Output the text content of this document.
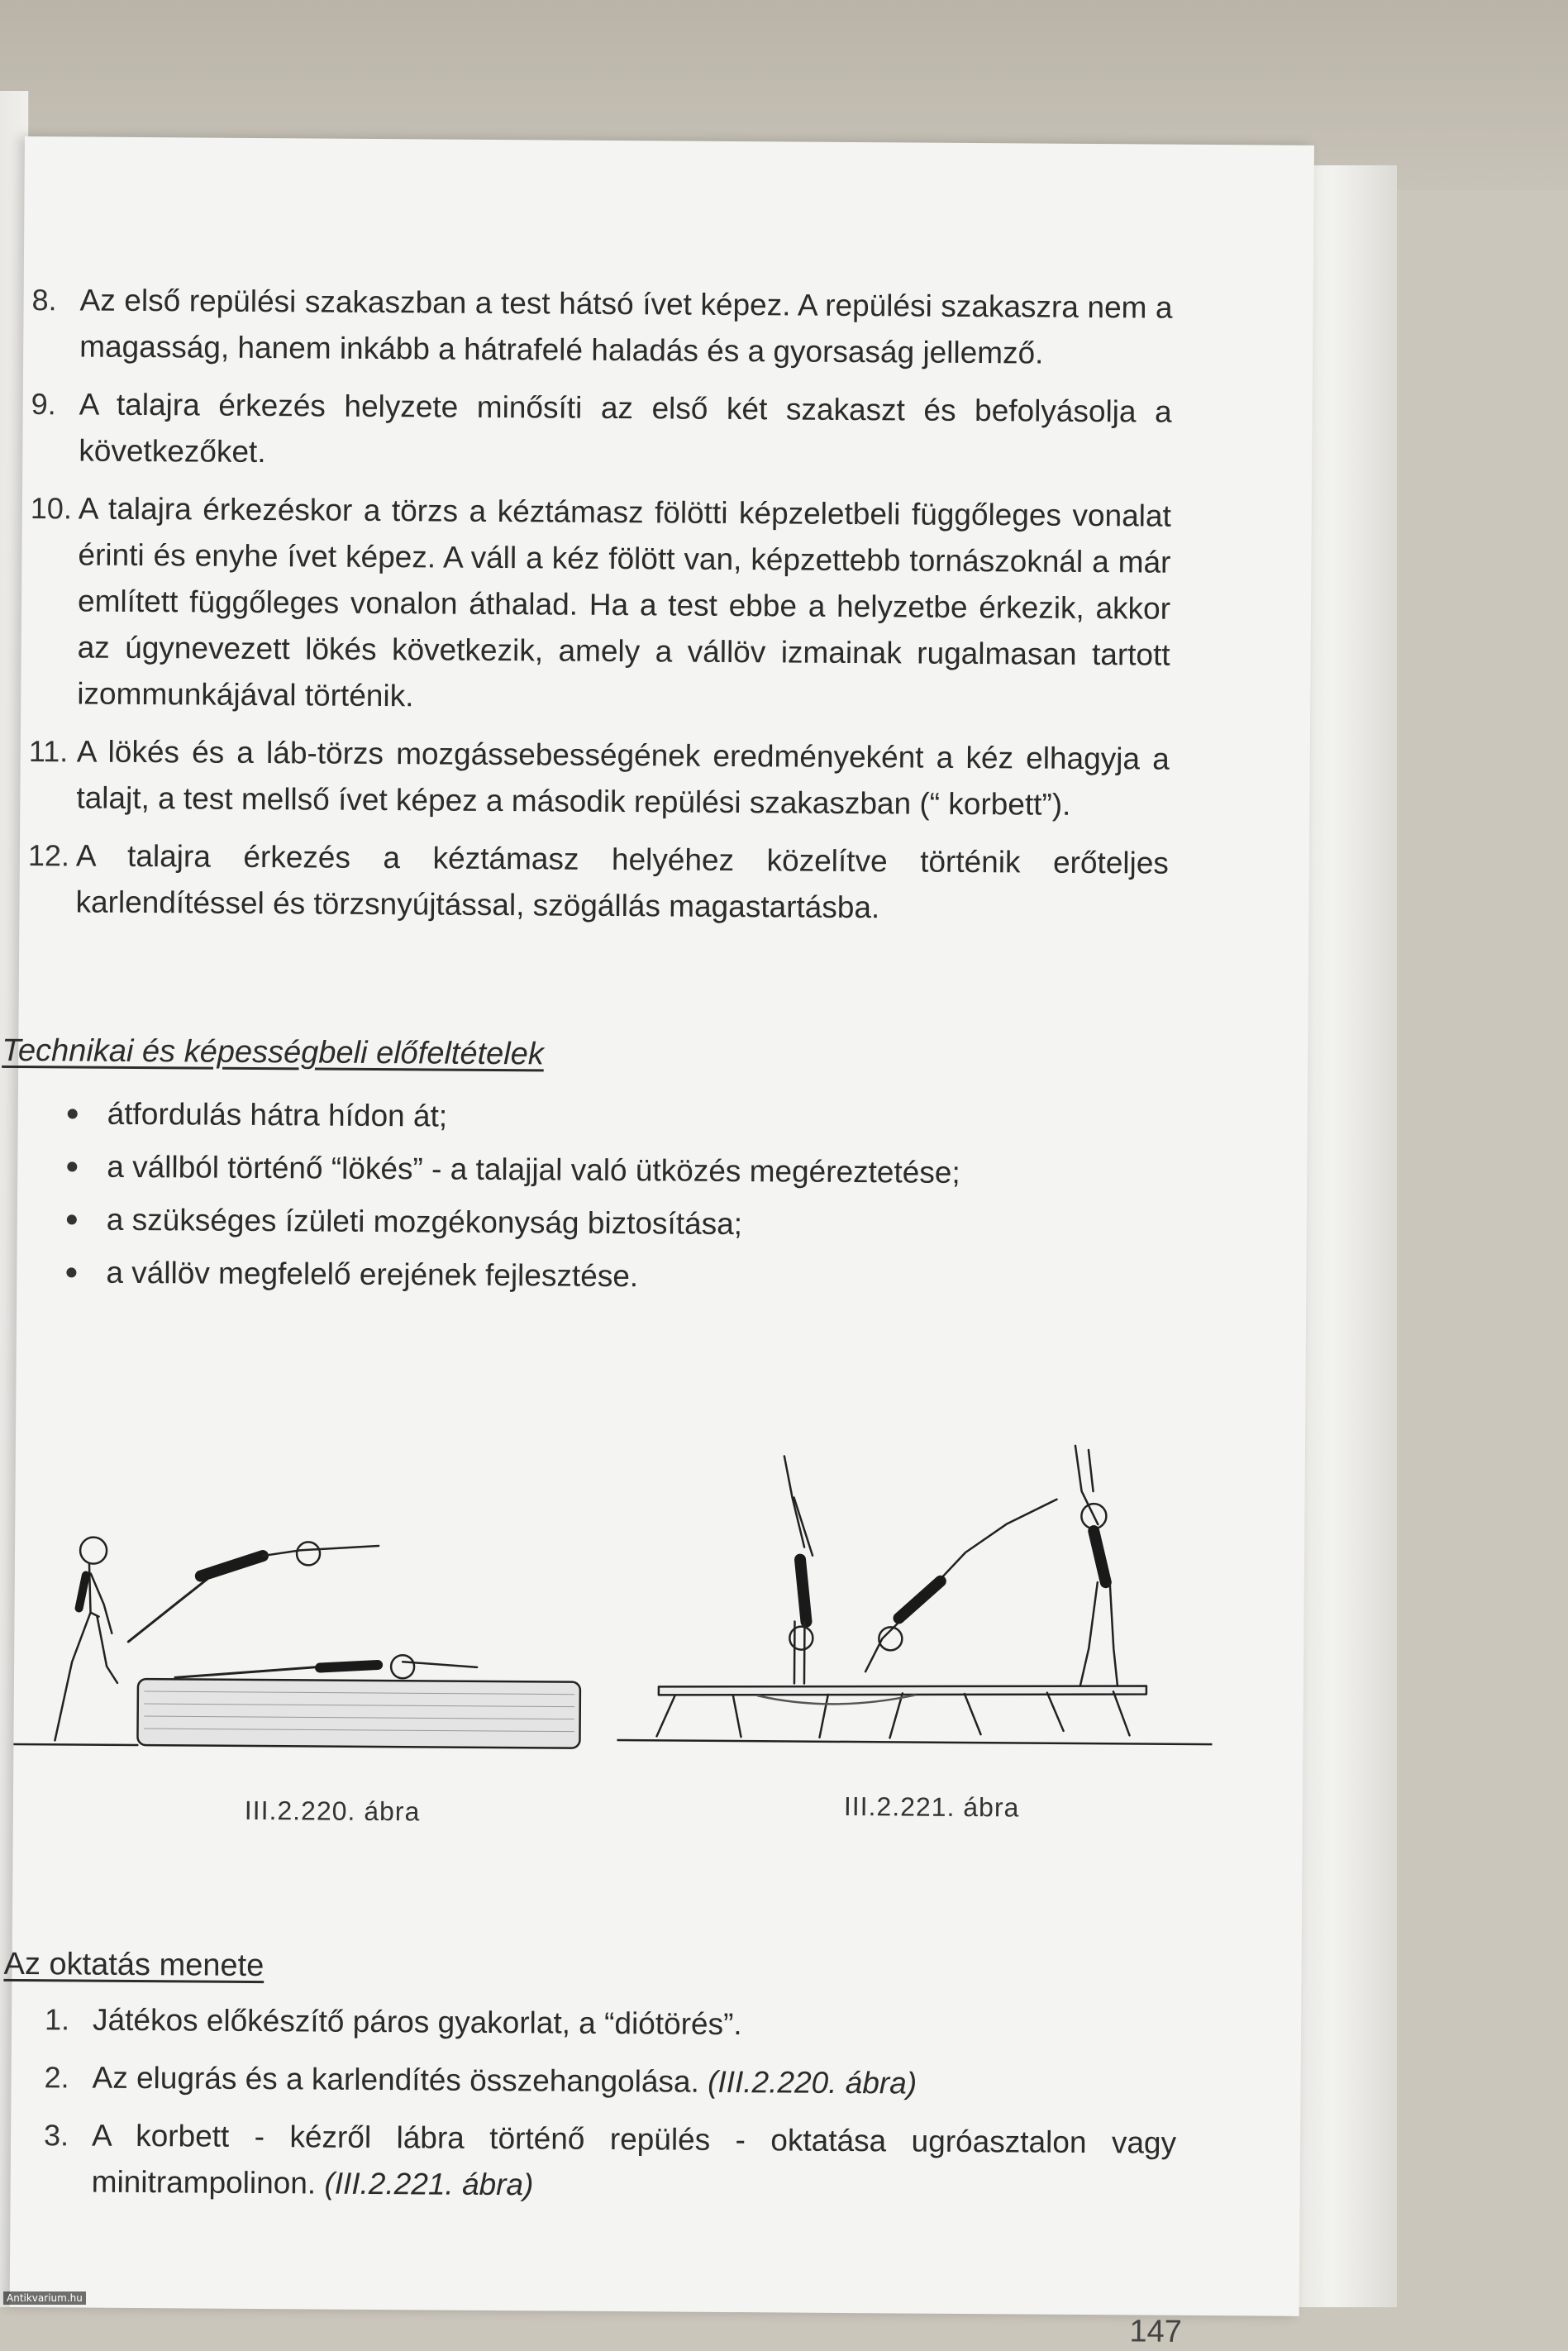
8. Az első repülési szakaszban a test hátsó ívet képez. A repülési szakaszra nem a magasság, hanem inkább a hátrafelé haladás és a gyorsaság jellemző.
9. A talajra érkezés helyzete minősíti az első két szakaszt és befolyásolja a következőket.
10. A talajra érkezéskor a törzs a kéztámasz fölötti képzeletbeli függőleges vonalat érinti és enyhe ívet képez. A váll a kéz fölött van, képzettebb tornászoknál a már említett függőleges vonalon áthalad. Ha a test ebbe a helyzetbe érkezik, akkor az úgynevezett lökés következik, amely a vállöv izmainak rugalmasan tartott izommunkájával történik.
11. A lökés és a láb-törzs mozgássebességének eredményeként a kéz elhagyja a talajt, a test mellső ívet képez a második repülési szakaszban (“ korbett”).
12. A talajra érkezés a kéztámasz helyéhez közelítve történik erőteljes karlendítéssel és törzsnyújtással, szögállás magastartásba.
Technikai és képességbeli előfeltételek
átfordulás hátra hídon át;
a vállból történő “lökés” - a talajjal való ütközés megéreztetése;
a szükséges ízületi mozgékonyság biztosítása;
a vállöv megfelelő erejének fejlesztése.
III.2.220. ábra	III.2.221. ábra
Az oktatás menete
1. Játékos előkészítő páros gyakorlat, a “diótörés”.
2. Az elugrás és a karlendítés összehangolása. (III.2.220. ábra)
3. A korbett - kézről lábra történő repülés - oktatása ugróasztalon vagy minitrampolinon. (III.2.221. ábra)
147
Antikvarium.hu
